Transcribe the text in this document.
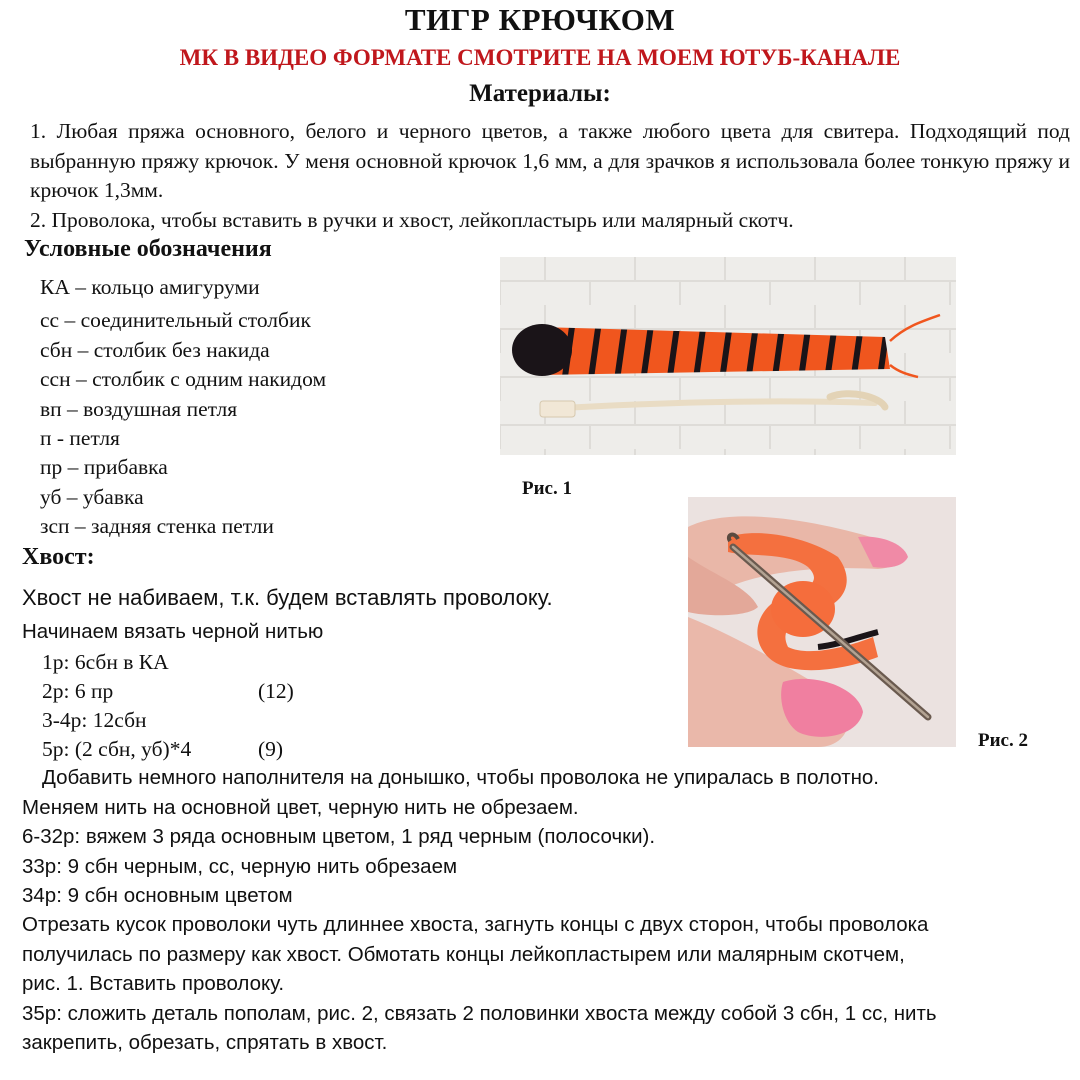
ТИГР КРЮЧКОМ
МК В ВИДЕО ФОРМАТЕ СМОТРИТЕ НА МОЕМ ЮТУБ-КАНАЛЕ
Материалы:

1. Любая пряжа основного, белого и черного цветов, а также любого цвета для свитера. Подходящий под выбранную пряжу крючок. У меня основной крючок 1,6 мм, а для зрачков я использовала более тонкую пряжу и крючок 1,3мм.

2. Проволока, чтобы вставить в ручки и хвост, лейкопластырь или малярный скотч.

Условные обозначения
КА – кольцо амигуруми
сс – соединительный столбик
сбн – столбик без накида
ссн – столбик с одним накидом
вп – воздушная петля
п - петля
пр – прибавка
уб – убавка
зсп – задняя стенка петли
Рис. 1
Рис. 2
Хвост:
Хвост не набиваем, т.к. будем вставлять проволоку.
Начинаем вязать черной нитью
1р: 6сбн в КА
2р: 6 пр	(12)
3-4р: 12сбн
5р: (2 сбн, уб)*4	(9)
Добавить немного наполнителя на донышко, чтобы проволока не упиралась в полотно.
Меняем нить на основной цвет, черную нить не обрезаем.
6-32р: вяжем 3 ряда основным цветом, 1 ряд черным (полосочки).
33р: 9 сбн черным, сс, черную нить обрезаем
34р: 9 сбн основным цветом
Отрезать кусок проволоки чуть длиннее хвоста, загнуть концы с двух сторон, чтобы проволока
получилась по размеру как хвост. Обмотать концы лейкопластырем или малярным скотчем,
рис. 1. Вставить проволоку.
35р: сложить деталь пополам, рис. 2, связать 2 половинки хвоста между собой 3 сбн, 1 сс, нить
закрепить, обрезать, спрятать в хвост.
